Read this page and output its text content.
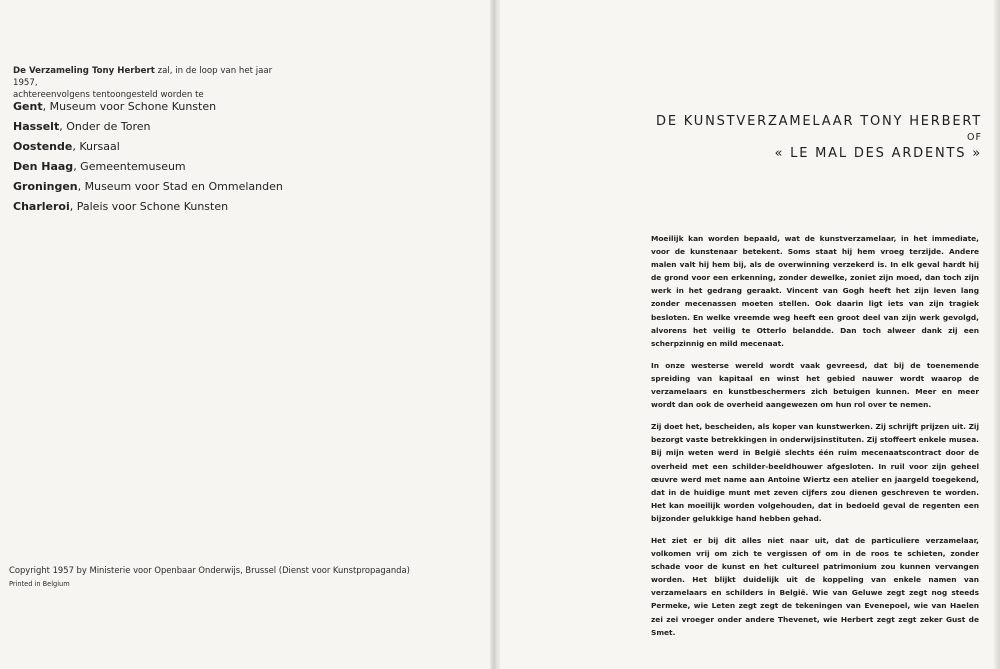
De Verzameling Tony Herbert zal, in de loop van het jaar 1957,
achtereenvolgens tentoongesteld worden te

Gent, Museum voor Schone Kunsten
Hasselt, Onder de Toren
Oostende, Kursaal
Den Haag, Gemeentemuseum
Groningen, Museum voor Stad en Ommelanden
Charleroi, Paleis voor Schone Kunsten
Copyright 1957 by Ministerie voor Openbaar Onderwijs, Brussel (Dienst voor Kunstpropaganda)
Printed in Belgium
DE KUNSTVERZAMELAAR TONY HERBERT
OF
« LE MAL DES ARDENTS »

Moeilijk kan worden bepaald, wat de kunstverzamelaar, in het immediate, voor de kunstenaar betekent. Soms staat hij hem vroeg terzijde. Andere malen valt hij hem bij, als de overwinning verzekerd is. In elk geval hardt hij de grond voor een erkenning, zonder dewelke, zoniet zijn moed, dan toch zijn werk in het gedrang geraakt. Vincent van Gogh heeft het zijn leven lang zonder mecenassen moeten stellen. Ook daarin ligt iets van zijn tragiek besloten. En welke vreemde weg heeft een groot deel van zijn werk gevolgd, alvorens het veilig te Otterlo belandde. Dan toch alweer dank zij een scherpzinnig en mild mecenaat.

In onze westerse wereld wordt vaak gevreesd, dat bij de toenemende spreiding van kapitaal en winst het gebied nauwer wordt waarop de verzamelaars en kunstbeschermers zich betuigen kunnen. Meer en meer wordt dan ook de overheid aangewezen om hun rol over te nemen.

Zij doet het, bescheiden, als koper van kunstwerken. Zij schrijft prijzen uit. Zij bezorgt vaste betrekkingen in onderwijsinstituten. Zij stoffeert enkele musea. Bij mijn weten werd in België slechts één ruim mecenaatscontract door de overheid met een schilder-beeldhouwer afgesloten. In ruil voor zijn geheel œuvre werd met name aan Antoine Wiertz een atelier en jaargeld toegekend, dat in de huidige munt met zeven cijfers zou dienen geschreven te worden. Het kan moeilijk worden volgehouden, dat in bedoeld geval de regenten een bijzonder gelukkige hand hebben gehad.

Het ziet er bij dit alles niet naar uit, dat de particuliere verzamelaar, volkomen vrij om zich te vergissen of om in de roos te schieten, zonder schade voor de kunst en het cultureel patrimonium zou kunnen vervangen worden. Het blijkt duidelijk uit de koppeling van enkele namen van verzamelaars en schilders in België. Wie van Geluwe zegt zegt nog steeds Permeke, wie Leten zegt zegt de tekeningen van Evenepoel, wie van Haelen zei zei vroeger onder andere Thevenet, wie Herbert zegt zegt zeker Gust de Smet.
